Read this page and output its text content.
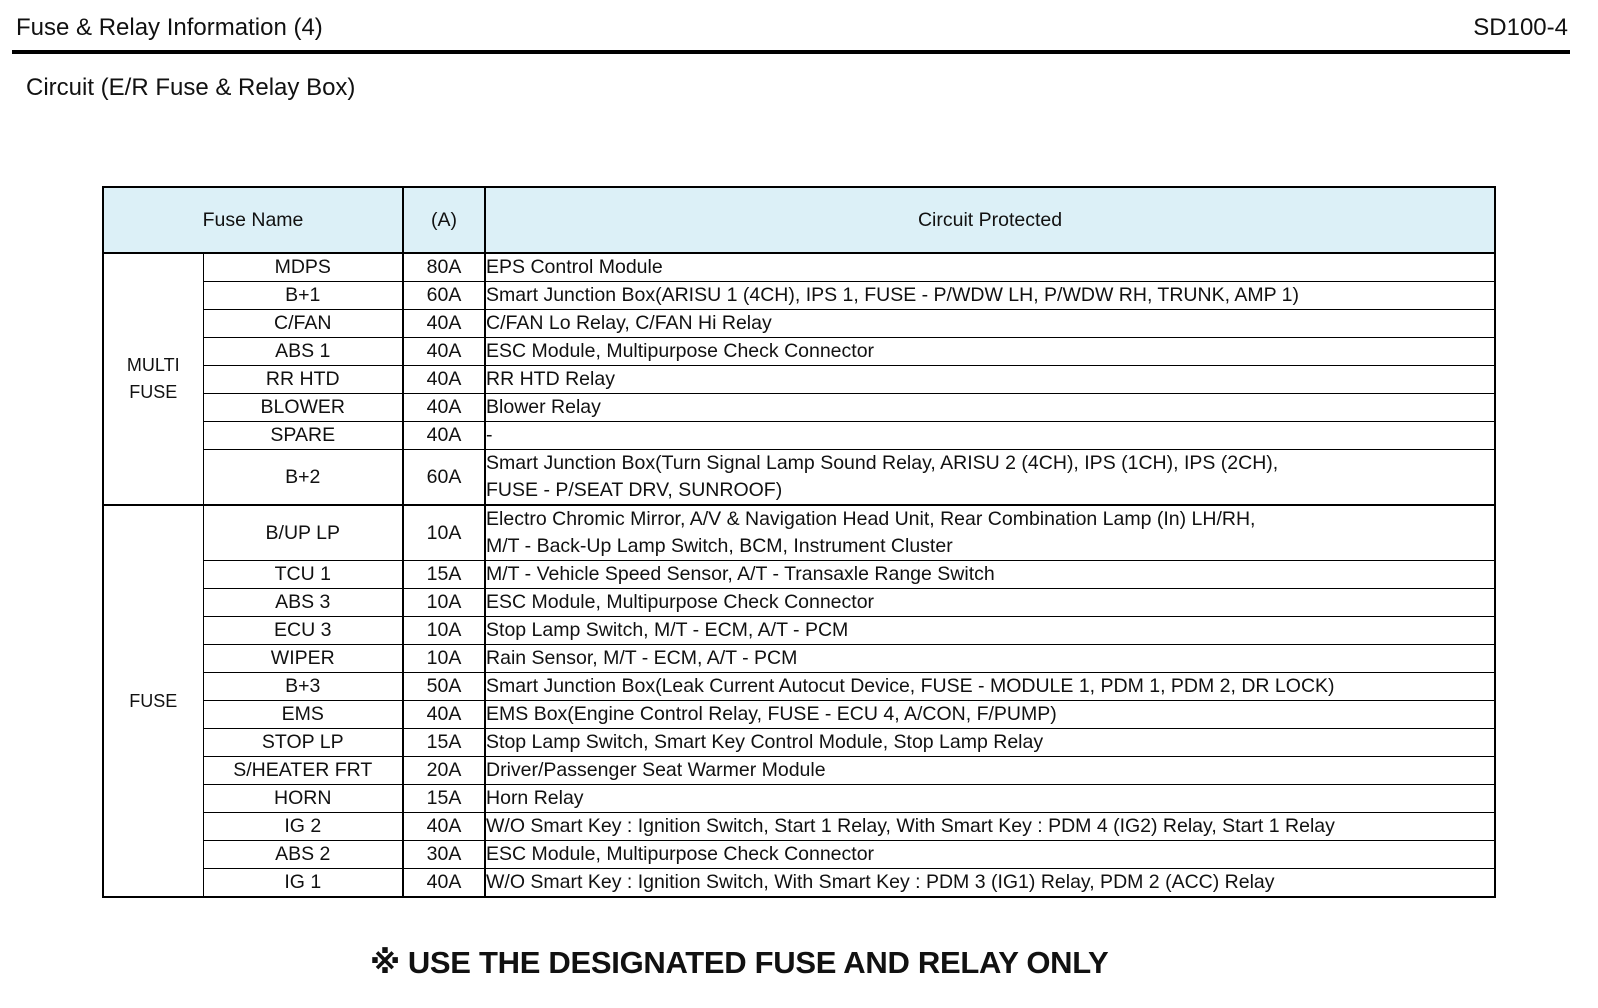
Fuse & Relay Information (4)	SD100-4
Circuit (E/R Fuse & Relay Box)
Fuse Name		(A)	Circuit Protected
MULTI
FUSE	MDPS	80A	EPS Control Module
	B+1	60A	Smart Junction Box(ARISU 1 (4CH), IPS 1, FUSE - P/WDW LH, P/WDW RH, TRUNK, AMP 1)
	C/FAN	40A	C/FAN Lo Relay, C/FAN Hi Relay
	ABS 1	40A	ESC Module, Multipurpose Check Connector
	RR HTD	40A	RR HTD Relay
	BLOWER	40A	Blower Relay
	SPARE	40A	-
	B+2	60A	Smart Junction Box(Turn Signal Lamp Sound Relay, ARISU 2 (4CH), IPS (1CH), IPS (2CH),
FUSE - P/SEAT DRV, SUNROOF)
FUSE	B/UP LP	10A	Electro Chromic Mirror, A/V & Navigation Head Unit, Rear Combination Lamp (In) LH/RH,
M/T - Back-Up Lamp Switch, BCM, Instrument Cluster
	TCU 1	15A	M/T - Vehicle Speed Sensor, A/T - Transaxle Range Switch
	ABS 3	10A	ESC Module, Multipurpose Check Connector
	ECU 3	10A	Stop Lamp Switch, M/T - ECM, A/T - PCM
	WIPER	10A	Rain Sensor, M/T - ECM, A/T - PCM
	B+3	50A	Smart Junction Box(Leak Current Autocut Device, FUSE - MODULE 1, PDM 1, PDM 2, DR LOCK)
	EMS	40A	EMS Box(Engine Control Relay, FUSE - ECU 4, A/CON, F/PUMP)
	STOP LP	15A	Stop Lamp Switch, Smart Key Control Module, Stop Lamp Relay
	S/HEATER FRT	20A	Driver/Passenger Seat Warmer Module
	HORN	15A	Horn Relay
	IG 2	40A	W/O Smart Key : Ignition Switch, Start 1 Relay, With Smart Key : PDM 4 (IG2) Relay, Start 1 Relay
	ABS 2	30A	ESC Module, Multipurpose Check Connector
	IG 1	40A	W/O Smart Key : Ignition Switch, With Smart Key : PDM 3 (IG1) Relay, PDM 2 (ACC) Relay
※ USE THE DESIGNATED FUSE AND RELAY ONLY
